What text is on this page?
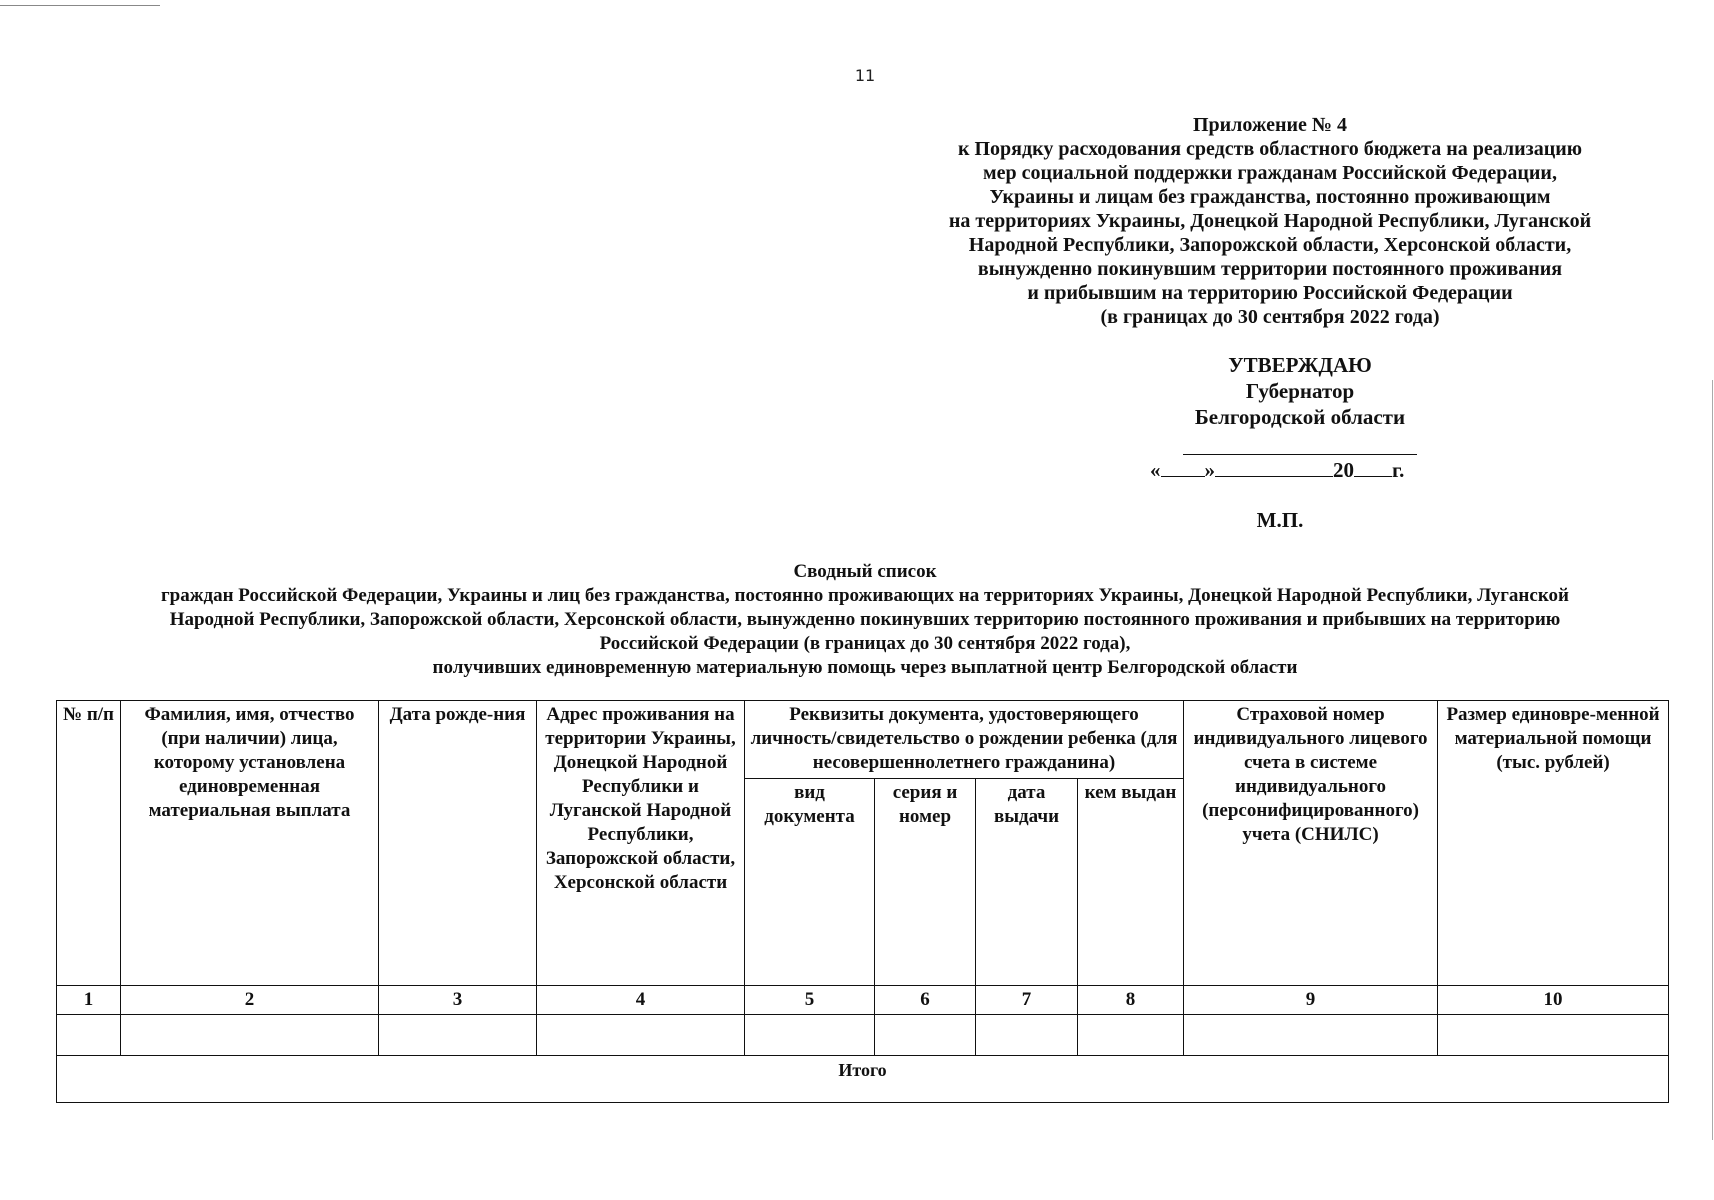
11
Приложение № 4
к Порядку расходования средств областного бюджета на реализацию
мер социальной поддержки гражданам Российской Федерации,
Украины и лицам без гражданства, постоянно проживающим
на территориях Украины, Донецкой Народной Республики, Луганской
Народной Республики, Запорожской области, Херсонской области,
вынужденно покинувшим территории постоянного проживания
и прибывшим на территорию Российской Федерации
(в границах до 30 сентября 2022 года)
УТВЕРЖДАЮ
Губернатор
Белгородской области
« »	20 г.
М.П.
Сводный список
граждан Российской Федерации, Украины и лиц без гражданства, постоянно проживающих на территориях Украины, Донецкой Народной Республики, Луганской
Народной Республики, Запорожской области, Херсонской области, вынужденно покинувших территорию постоянного проживания и прибывших на территорию
Российской Федерации (в границах до 30 сентября 2022 года),
получивших единовременную материальную помощь через выплатной центр Белгородской области
№ п/п	Фамилия, имя, отчество (при наличии) лица, которому установлена единовременная материальная выплата	Дата рожде-ния	Адрес проживания на территории Украины, Донецкой Народной Республики и Луганской Народной Республики, Запорожской области, Херсонской области	Реквизиты документа, удостоверяющего личность/свидетельство о рождении ребенка (для несовершеннолетнего гражданина)				Страховой номер индивидуального лицевого счета в системе индивидуального (персонифицированного) учета (СНИЛС)	Размер единовре-менной материальной помощи (тыс. рублей)
				вид документа	серия и номер	дата выдачи	кем выдан		
1	2	3	4	5	6	7	8	9	10

Итого									
